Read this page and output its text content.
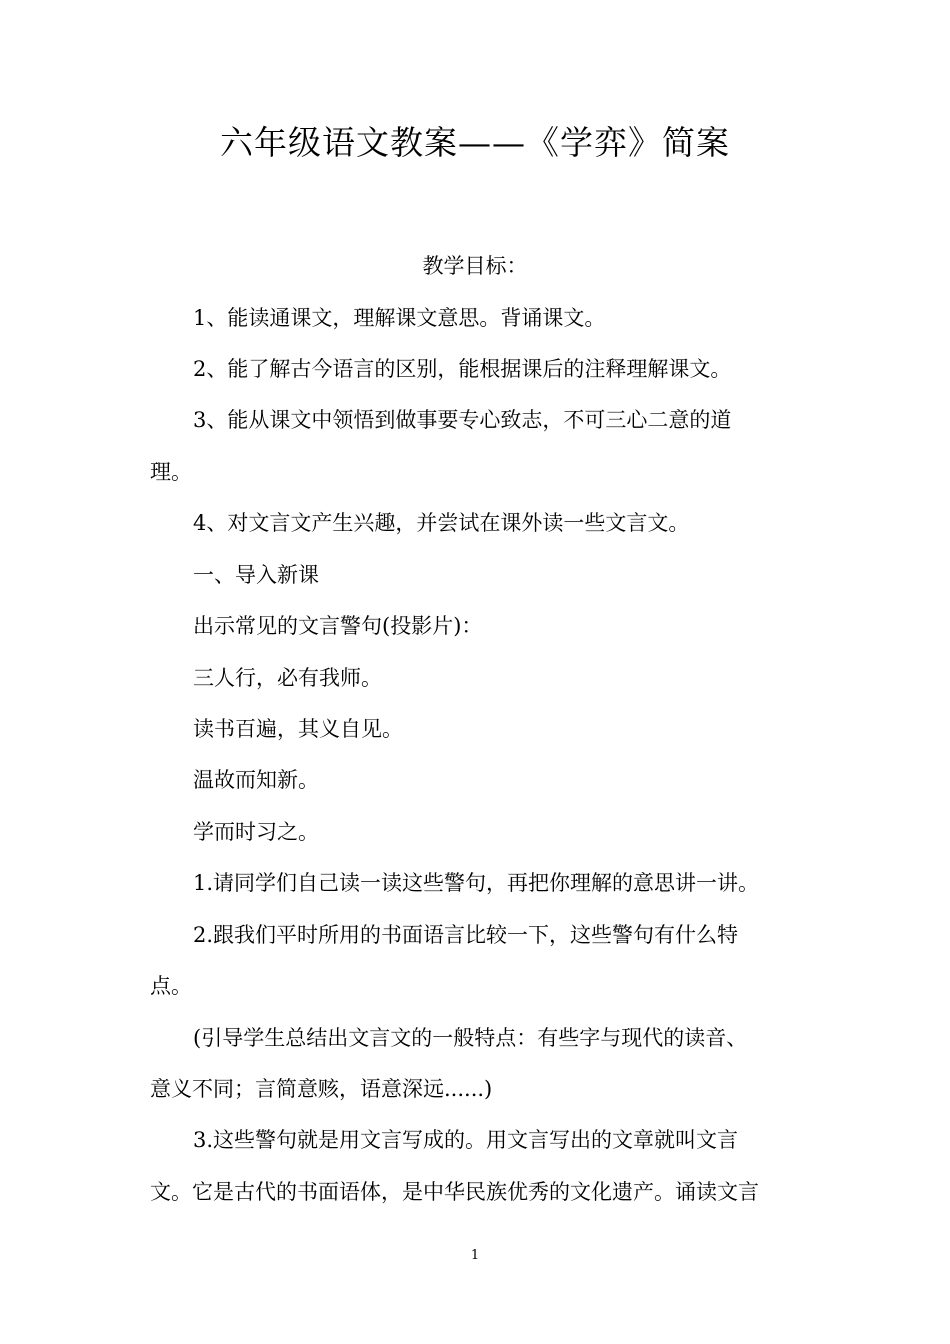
六年级语文教案——《学弈》简案
教学目标：
1、能读通课文，理解课文意思。背诵课文。
2、能了解古今语言的区别，能根据课后的注释理解课文。
3、能从课文中领悟到做事要专心致志，不可三心二意的道
理。
4、对文言文产生兴趣，并尝试在课外读一些文言文。
一、导入新课
出示常见的文言警句(投影片)：
三人行，必有我师。
读书百遍，其义自见。
温故而知新。
学而时习之。
1.请同学们自己读一读这些警句，再把你理解的意思讲一讲。
2.跟我们平时所用的书面语言比较一下，这些警句有什么特
点。
(引导学生总结出文言文的一般特点：有些字与现代的读音、
意义不同；言简意赅，语意深远......)
3.这些警句就是用文言写成的。用文言写出的文章就叫文言
文。它是古代的书面语体，是中华民族优秀的文化遗产。诵读文言
1
